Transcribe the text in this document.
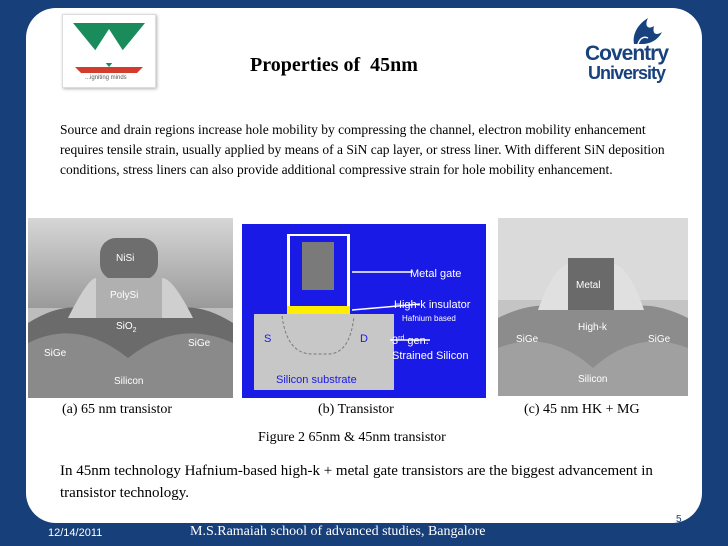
...igniting minds
Coventry
University
Properties of  45nm
Source and drain regions increase hole mobility by compressing the channel, electron mobility enhancement requires tensile strain, usually applied by means of a SiN cap layer, or stress liner. With different SiN deposition conditions, stress liners can also provide additional compressive strain for hole mobility enhancement.
NiSi
PolySi
SiO$_2$
SiGe
SiGe
Silicon
Metal gate
High-k insulator
Hafnium based
S	D 3rd gen.
Strained Silicon
Silicon substrate
Metal
High-k
SiGe	SiGe
Silicon
(a) 65 nm transistor	(b) Transistor	(c) 45 nm HK + MG
Figure 2 65nm & 45nm transistor
In 45nm technology Hafnium-based high-k + metal gate transistors are the biggest advancement in transistor technology.
5
12/14/2011	M.S.Ramaiah school of advanced studies, Bangalore
